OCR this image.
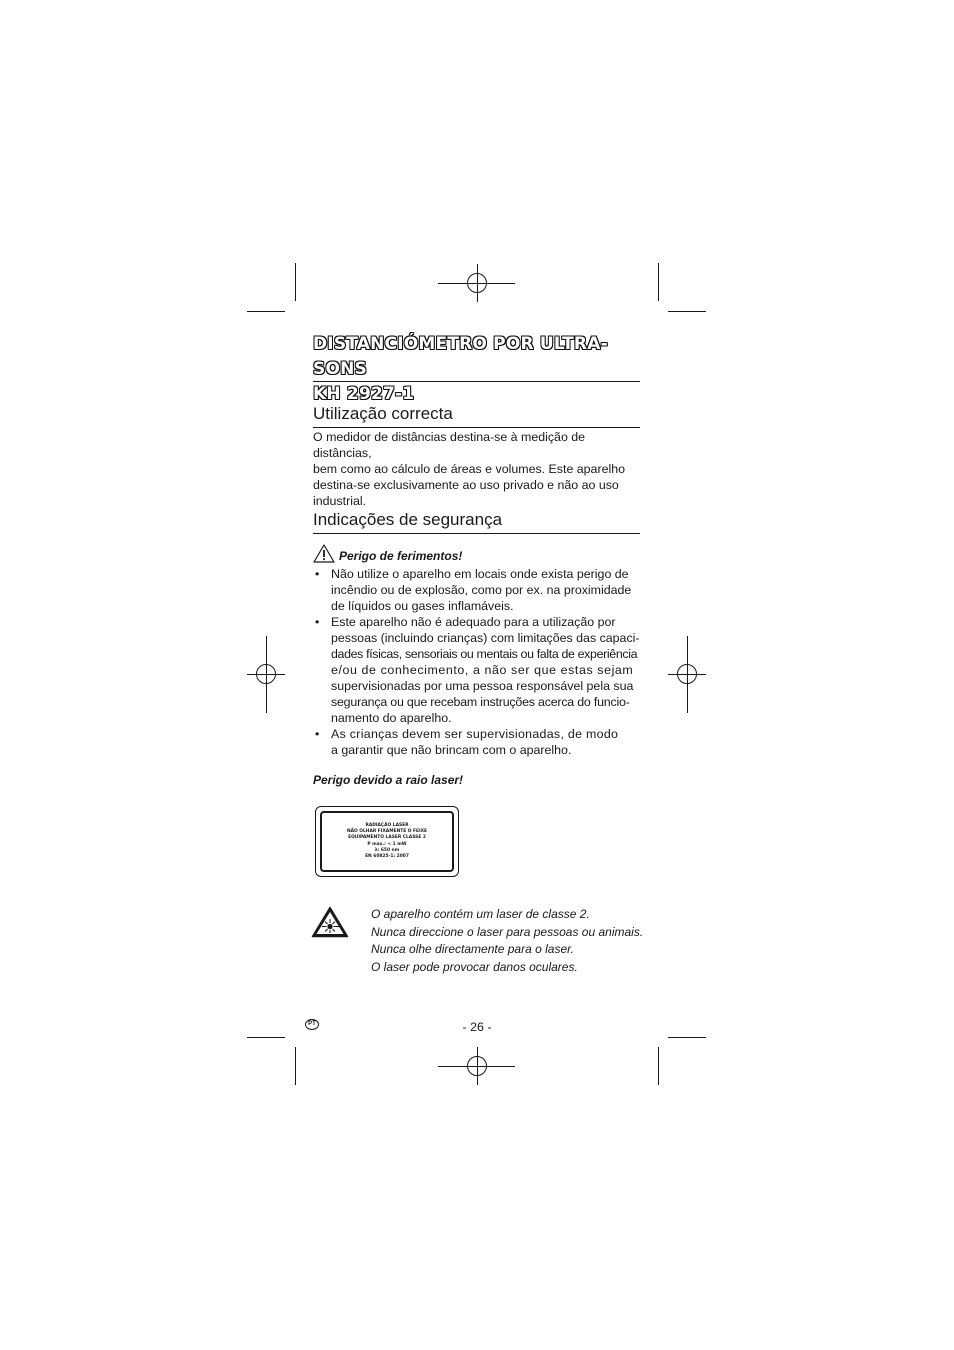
DISTANCIÓMETRO POR ULTRA-SONS
KH 2927-1
Utilização correcta

O medidor de distâncias destina-se à medição de distâncias,

bem como ao cálculo de áreas e volumes. Este aparelho

destina-se exclusivamente ao uso privado e não ao uso

industrial.

Indicações de segurança
Perigo de ferimentos!
• Não utilize o aparelho em locais onde exista perigo de
incêndio ou de explosão, como por ex. na proximidade
de líquidos ou gases inflamáveis.
• Este aparelho não é adequado para a utilização por
pessoas (incluindo crianças) com limitações das capaci-
dades físicas, sensoriais ou mentais ou falta de experiência
e/ou de conhecimento, a não ser que estas sejam
supervisionadas por uma pessoa responsável pela sua
segurança ou que recebam instruções acerca do funcio-
namento do aparelho.
• As crianças devem ser supervisionadas, de modo
a garantir que não brincam com o aparelho.
Perigo devido a raio laser!
RADIAÇÃO LASER
NÃO OLHAR FIXAMENTE O FEIXE
EQUIPAMENTO LASER CLASSE 2
P max.: < 1 mW
λ: 650 nm
EN 60825-1: 2007
O aparelho contém um laser de classe 2.
Nunca direccione o laser para pessoas ou animais.
Nunca olhe directamente para o laser.
O laser pode provocar danos oculares.
PT	- 26 -
